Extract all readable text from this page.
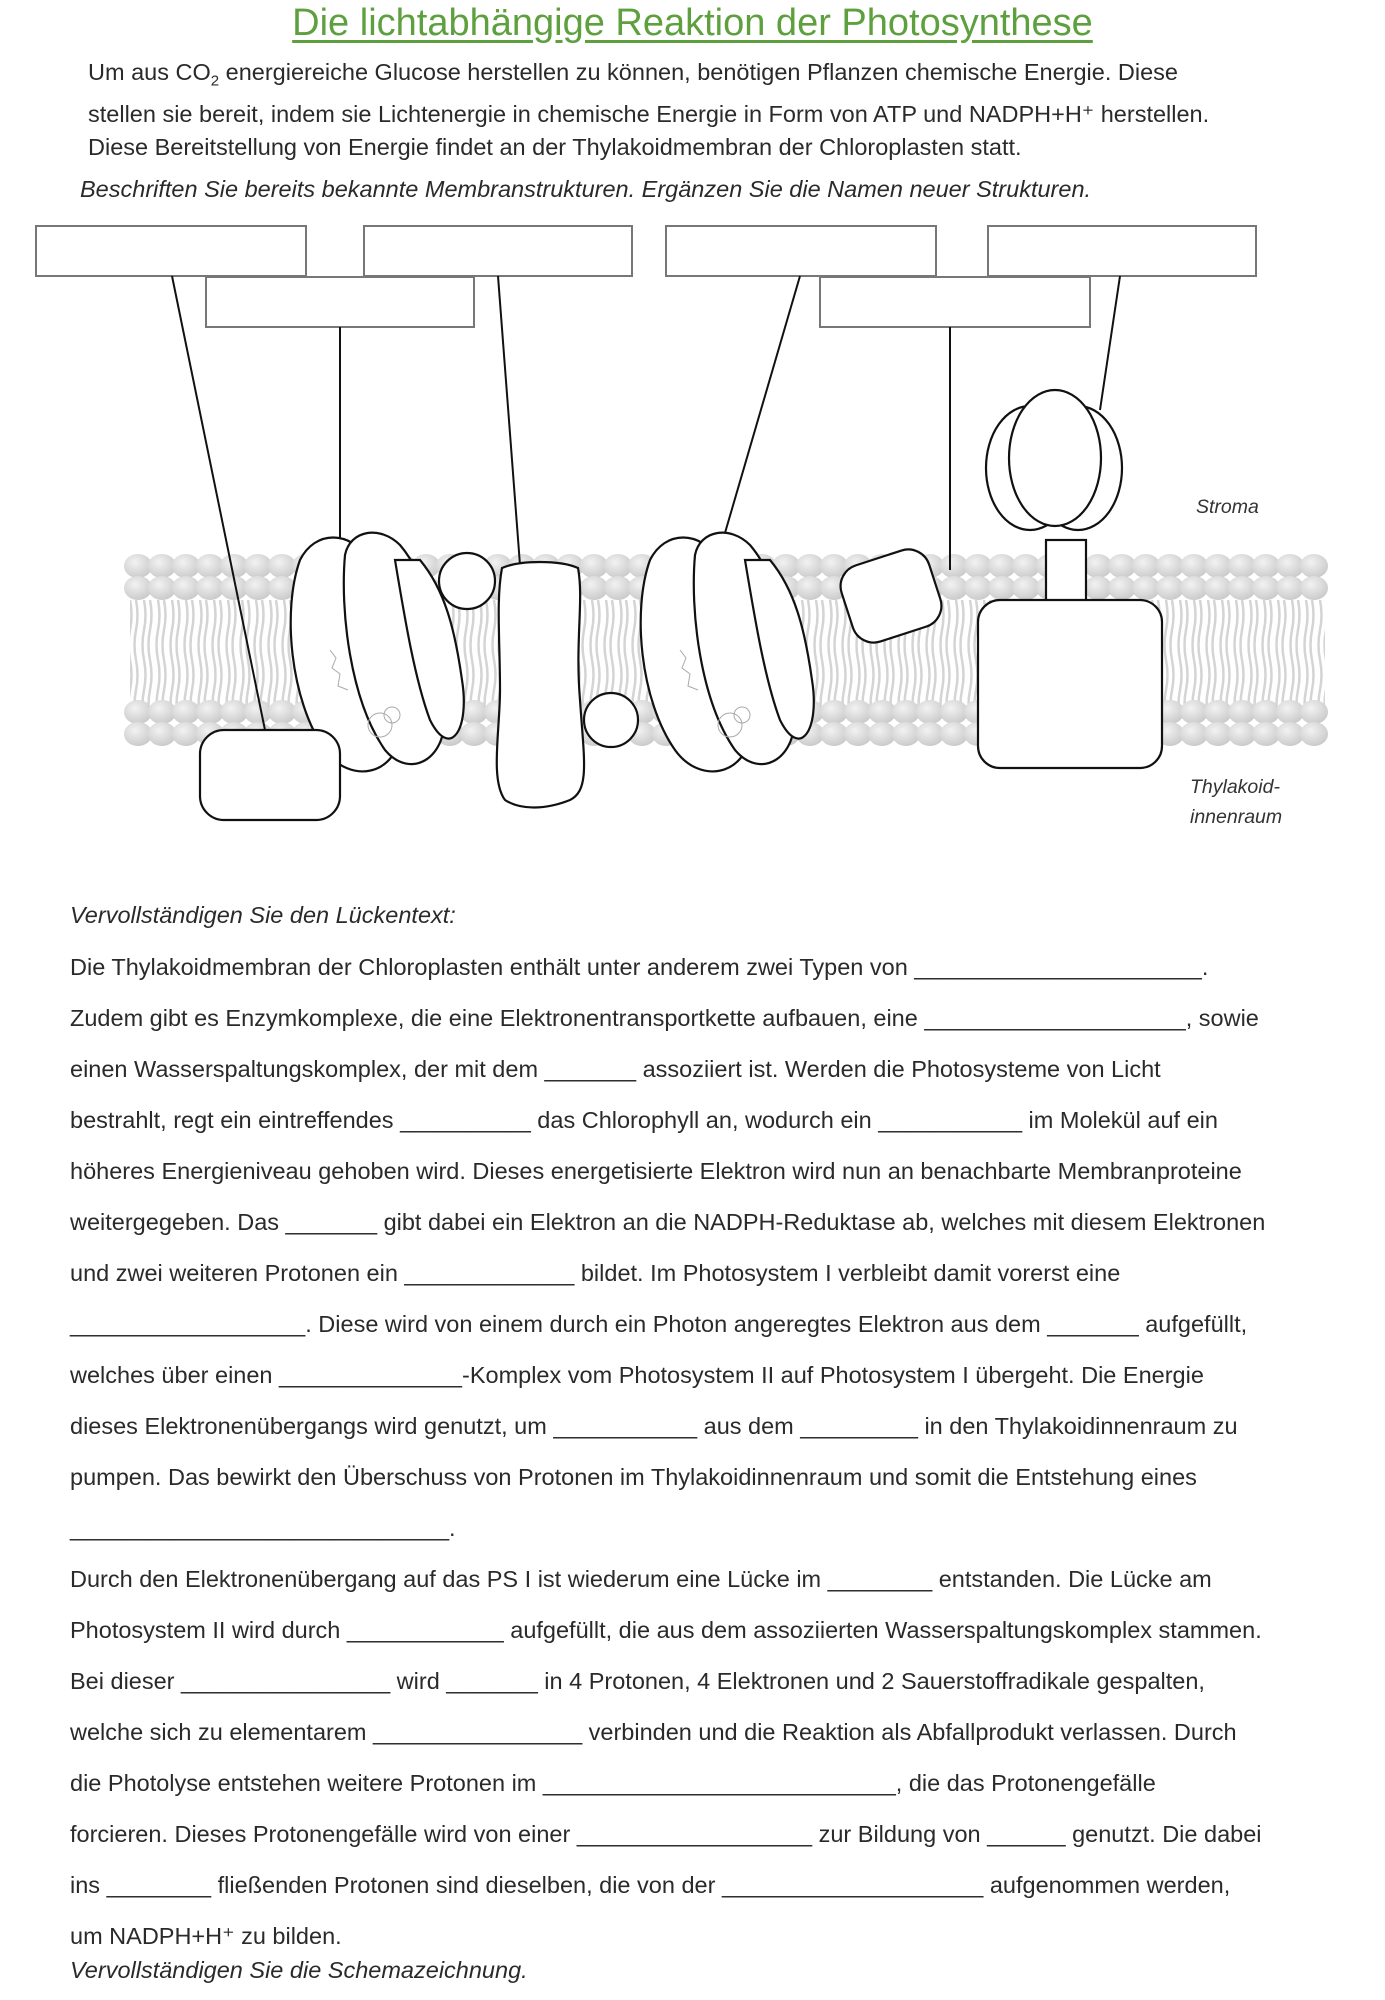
Die lichtabhängige Reaktion der Photosynthese

Um aus $CO_2$ energiereiche Glucose herstellen zu können, benötigen Pflanzen chemische Energie. Diese

stellen sie bereit, indem sie Lichtenergie in chemische Energie in Form von ATP und NADPH+H⁺ herstellen.

Diese Bereitstellung von Energie findet an der Thylakoidmembran der Chloroplasten statt.

Beschriften Sie bereits bekannte Membranstrukturen. Ergänzen Sie die Namen neuer Strukturen.
Stroma
Thylakoid-
innenraum
Vervollständigen Sie den Lückentext:
Die Thylakoidmembran der Chloroplasten enthält unter anderem zwei Typen von ______________________.
Zudem gibt es Enzymkomplexe, die eine Elektronentransportkette aufbauen, eine ____________________, sowie
einen Wasserspaltungskomplex, der mit dem _______ assoziiert ist. Werden die Photosysteme von Licht
bestrahlt, regt ein eintreffendes __________ das Chlorophyll an, wodurch ein ___________ im Molekül auf ein
höheres Energieniveau gehoben wird. Dieses energetisierte Elektron wird nun an benachbarte Membranproteine
weitergegeben. Das _______ gibt dabei ein Elektron an die NADPH-Reduktase ab, welches mit diesem Elektronen
und zwei weiteren Protonen ein _____________ bildet. Im Photosystem I verbleibt damit vorerst eine
__________________. Diese wird von einem durch ein Photon angeregtes Elektron aus dem _______ aufgefüllt,
welches über einen ______________-Komplex vom Photosystem II auf Photosystem I übergeht. Die Energie
dieses Elektronenübergangs wird genutzt, um ___________ aus dem _________ in den Thylakoidinnenraum zu
pumpen. Das bewirkt den Überschuss von Protonen im Thylakoidinnenraum und somit die Entstehung eines
_____________________________.
Durch den Elektronenübergang auf das PS I ist wiederum eine Lücke im ________ entstanden. Die Lücke am
Photosystem II wird durch ____________ aufgefüllt, die aus dem assoziierten Wasserspaltungskomplex stammen.
Bei dieser ________________ wird _______ in 4 Protonen, 4 Elektronen und 2 Sauerstoffradikale gespalten,
welche sich zu elementarem ________________ verbinden und die Reaktion als Abfallprodukt verlassen. Durch
die Photolyse entstehen weitere Protonen im ___________________________, die das Protonengefälle
forcieren. Dieses Protonengefälle wird von einer __________________ zur Bildung von ______ genutzt. Die dabei
ins ________ fließenden Protonen sind dieselben, die von der ____________________ aufgenommen werden,
um NADPH+H⁺ zu bilden.
Vervollständigen Sie die Schemazeichnung.
